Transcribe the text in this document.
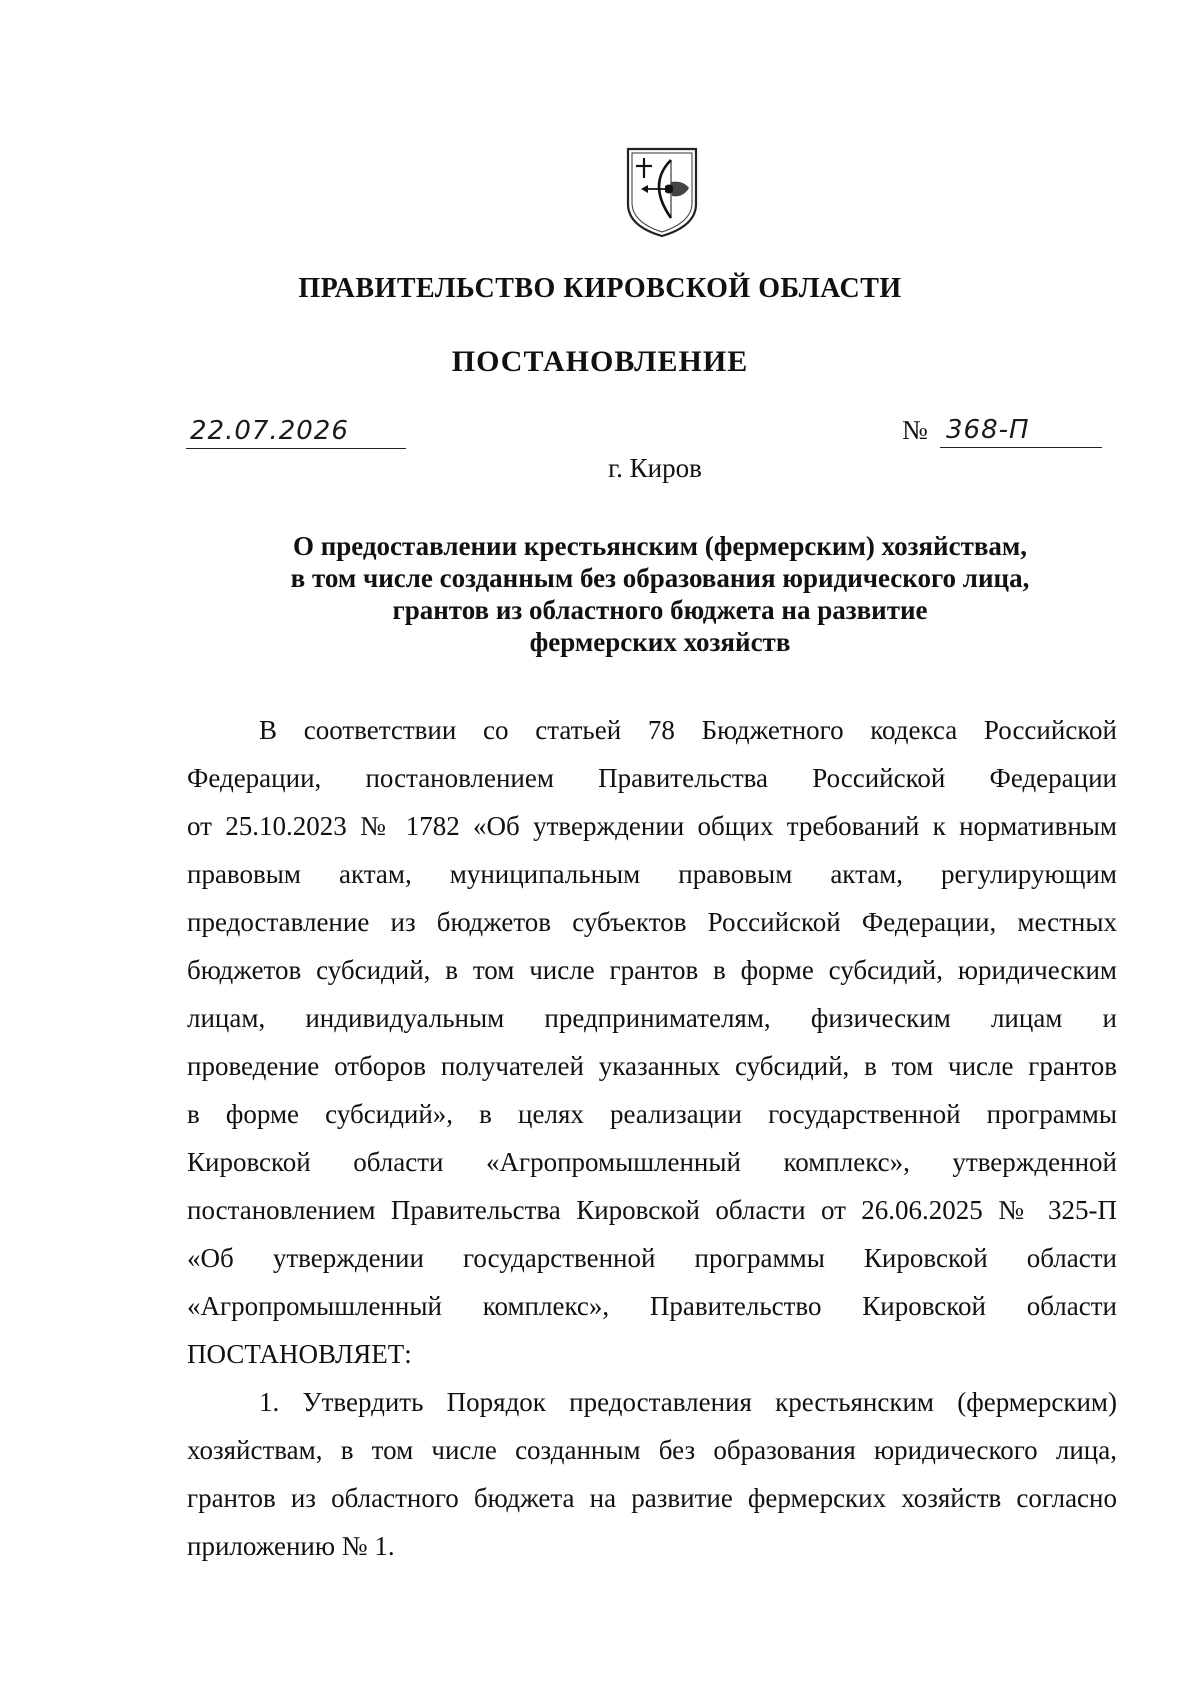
ПРАВИТЕЛЬСТВО КИРОВСКОЙ ОБЛАСТИ
ПОСТАНОВЛЕНИЕ
22.07.2026	№ 368-П
г. Киров
О предоставлении крестьянским (фермерским) хозяйствам,
в том числе созданным без образования юридического лица,
грантов из областного бюджета на развитие
фермерских хозяйств
В соответствии со статьей 78 Бюджетного кодекса Российской
Федерации, постановлением Правительства Российской Федерации
от 25.10.2023 № 1782 «Об утверждении общих требований к нормативным
правовым актам, муниципальным правовым актам, регулирующим
предоставление из бюджетов субъектов Российской Федерации, местных
бюджетов субсидий, в том числе грантов в форме субсидий, юридическим
лицам, индивидуальным предпринимателям, физическим лицам и
проведение отборов получателей указанных субсидий, в том числе грантов
в форме субсидий», в целях реализации государственной программы
Кировской области «Агропромышленный комплекс», утвержденной
постановлением Правительства Кировской области от 26.06.2025 № 325-П
«Об утверждении государственной программы Кировской области
«Агропромышленный комплекс», Правительство Кировской области
ПОСТАНОВЛЯЕТ:
1. Утвердить Порядок предоставления крестьянским (фермерским)
хозяйствам, в том числе созданным без образования юридического лица,
грантов из областного бюджета на развитие фермерских хозяйств согласно
приложению № 1.
